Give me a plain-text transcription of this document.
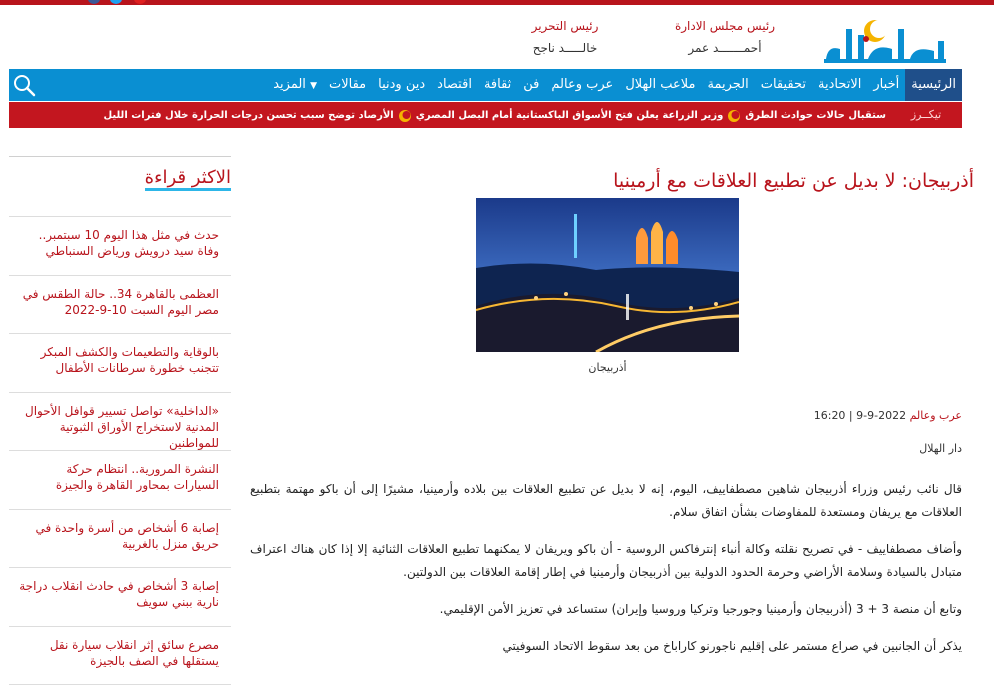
رئيس مجلس الادارة
أحمـــــــد عمر
رئيس التحرير
خالـــــد ناجح
الرئيسية
أخبار
الاتحادية
تحقيقات
الجريمة
ملاعب الهلال
عرب وعالم
فن
ثقافة
اقتصاد
دين ودنيا
مقالات
المزيد ▼
تيكــرز
ستقبال حالات حوادث الطرق
وزير الزراعة يعلن فتح الأسواق الباكستانية أمام البصل المصري
الأرصاد توضح سبب تحسن درجات الحرارة خلال فترات الليل
الاكثر قراءة
حدث في مثل هذا اليوم 10 سبتمبر.. وفاة سيد درويش ورياض السنباطي
العظمى بالقاهرة 34.. حالة الطقس في مصر اليوم السبت 10-9-2022
بالوقاية والتطعيمات والكشف المبكر تتجنب خطورة سرطانات الأطفال
«الداخلية» تواصل تسيير قوافل الأحوال المدنية لاستخراج الأوراق الثبوتية للمواطنين
النشرة المرورية.. انتظام حركة السيارات بمحاور القاهرة والجيزة
إصابة 6 أشخاص من أسرة واحدة في حريق منزل بالغربية
إصابة 3 أشخاص في حادث انقلاب دراجة نارية ببني سويف
مصرع سائق إثر انقلاب سيارة نقل يستقلها في الصف بالجيزة
أذربيجان: لا بديل عن تطبيع العلاقات مع أرمينيا
أذربيجان
عرب وعالم 2022-9-9 | 16:20
دار الهلال

قال نائب رئيس وزراء أذربيجان شاهين مصطفاييف، اليوم، إنه لا بديل عن تطبيع العلاقات بين بلاده وأرمينيا، مشيرًا إلى أن باكو مهتمة بتطبيع العلاقات مع يريفان ومستعدة للمفاوضات بشأن اتفاق سلام.

وأضاف مصطفاييف - في تصريح نقلته وكالة أنباء إنترفاكس الروسية - أن باكو ويريفان لا يمكنهما تطبيع العلاقات الثنائية إلا إذا كان هناك اعتراف متبادل بالسيادة وسلامة الأراضي وحرمة الحدود الدولية بين أذربيجان وأرمينيا في إطار إقامة العلاقات بين الدولتين.

وتابع أن منصة 3 + 3 (أذربيجان وأرمينيا وجورجيا وتركيا وروسيا وإيران) ستساعد في تعزيز الأمن الإقليمي.

يذكر أن الجانبين في صراع مستمر على إقليم ناجورنو كاراباخ من بعد سقوط الاتحاد السوفيتي
